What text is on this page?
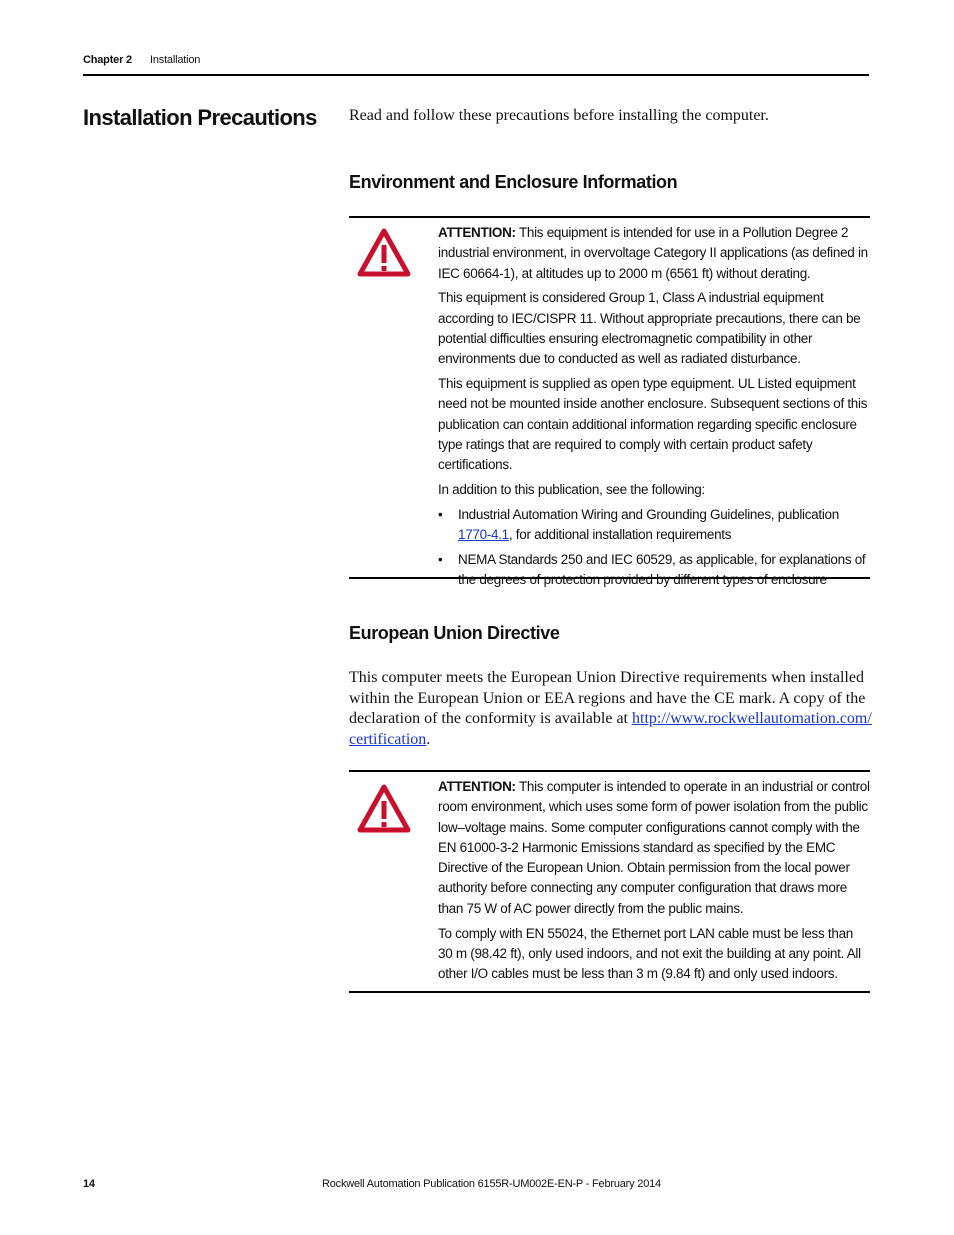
Chapter 2 Installation
Installation Precautions Read and follow these precautions before installing the computer.
Environment and Enclosure Information

ATTENTION: This equipment is intended for use in a Pollution Degree 2 industrial environment, in overvoltage Category II applications (as defined in IEC 60664-1), at altitudes up to 2000 m (6561 ft) without derating.

This equipment is considered Group 1, Class A industrial equipment according to IEC/CISPR 11. Without appropriate precautions, there can be potential difficulties ensuring electromagnetic compatibility in other environments due to conducted as well as radiated disturbance.

This equipment is supplied as open type equipment. UL Listed equipment need not be mounted inside another enclosure. Subsequent sections of this publication can contain additional information regarding specific enclosure type ratings that are required to comply with certain product safety certifications.

In addition to this publication, see the following:

• Industrial Automation Wiring and Grounding Guidelines, publication 1770-4.1, for additional installation requirements
• NEMA Standards 250 and IEC 60529, as applicable, for explanations of the degrees of protection provided by different types of enclosure
European Union Directive

This computer meets the European Union Directive requirements when installed within the European Union or EEA regions and have the CE mark. A copy of the declaration of the conformity is available at http://www.rockwellautomation.com/
certification.

ATTENTION: This computer is intended to operate in an industrial or control room environment, which uses some form of power isolation from the public low–voltage mains. Some computer configurations cannot comply with the EN 61000-3-2 Harmonic Emissions standard as specified by the EMC Directive of the European Union. Obtain permission from the local power authority before connecting any computer configuration that draws more than 75 W of AC power directly from the public mains.

To comply with EN 55024, the Ethernet port LAN cable must be less than 30 m (98.42 ft), only used indoors, and not exit the building at any point. All other I/O cables must be less than 3 m (9.84 ft) and only used indoors.

14	Rockwell Automation Publication 6155R-UM002E-EN-P - February 2014
